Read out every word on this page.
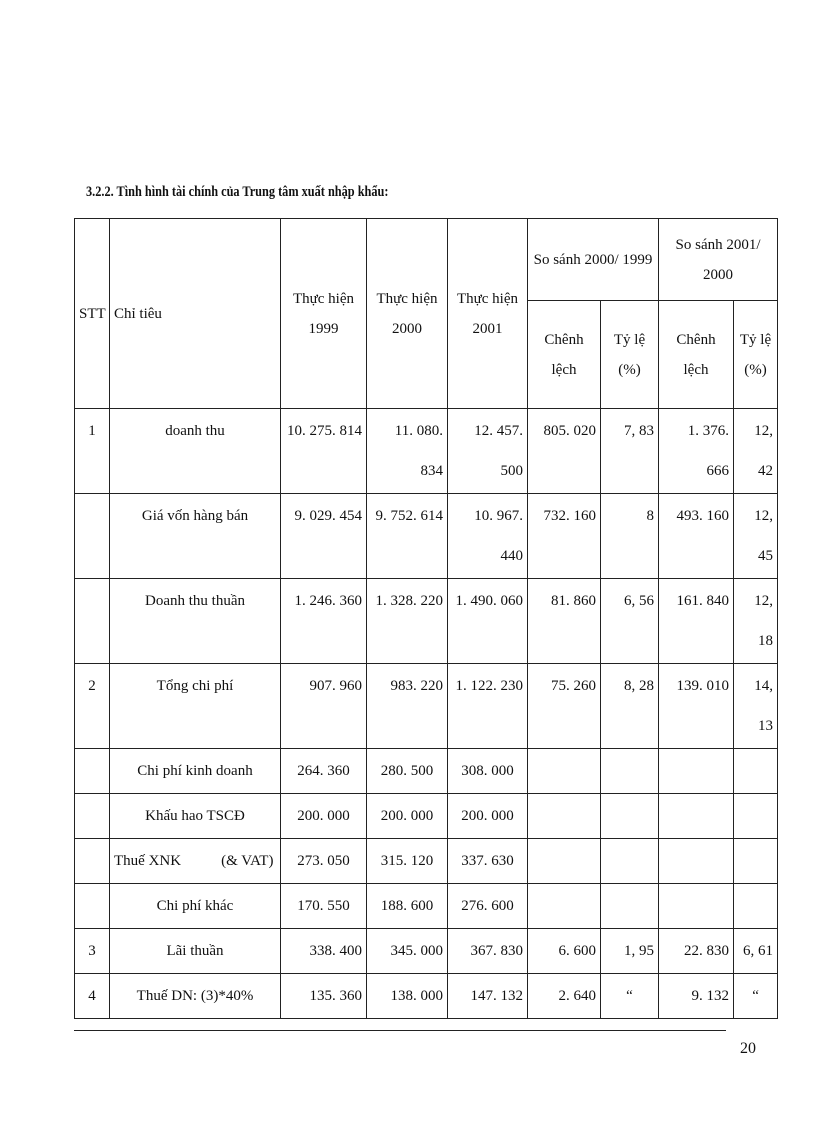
3.2.2. Tình hình tài chính của Trung tâm xuất nhập khẩu:
STT	Chỉ tiêu	Thực hiện 1999	Thực hiện 2000	Thực hiện 2001	So sánh 2000/ 1999		So sánh 2001/ 2000	
					Chênh lệch	Tỷ lệ (%)	Chênh lệch	Tỷ lệ (%)
1	doanh thu	10. 275. 814	11. 080. 834	12. 457. 500	805. 020	7, 83	1. 376. 666	12, 42
	Giá vốn hàng bán	9. 029. 454	9. 752. 614	10. 967. 440	732. 160	8	493. 160	12, 45
	Doanh thu thuần	1. 246. 360	1. 328. 220	1. 490. 060	81. 860	6, 56	161. 840	12, 18
2	Tổng chi phí	907. 960	983. 220	1. 122. 230	75. 260	8, 28	139. 010	14, 13
	Chi phí kinh doanh	264. 360	280. 500	308. 000				
	Khấu hao TSCĐ	200. 000	200. 000	200. 000				
	Thuế XNK (& VAT)	273. 050	315. 120	337. 630				
	Chi phí khác	170. 550	188. 600	276. 600				
3	Lãi thuần	338. 400	345. 000	367. 830	6. 600	1, 95	22. 830	6, 61
4	Thuế DN: (3)*40%	135. 360	138. 000	147. 132	2. 640	“	9. 132	“
20
